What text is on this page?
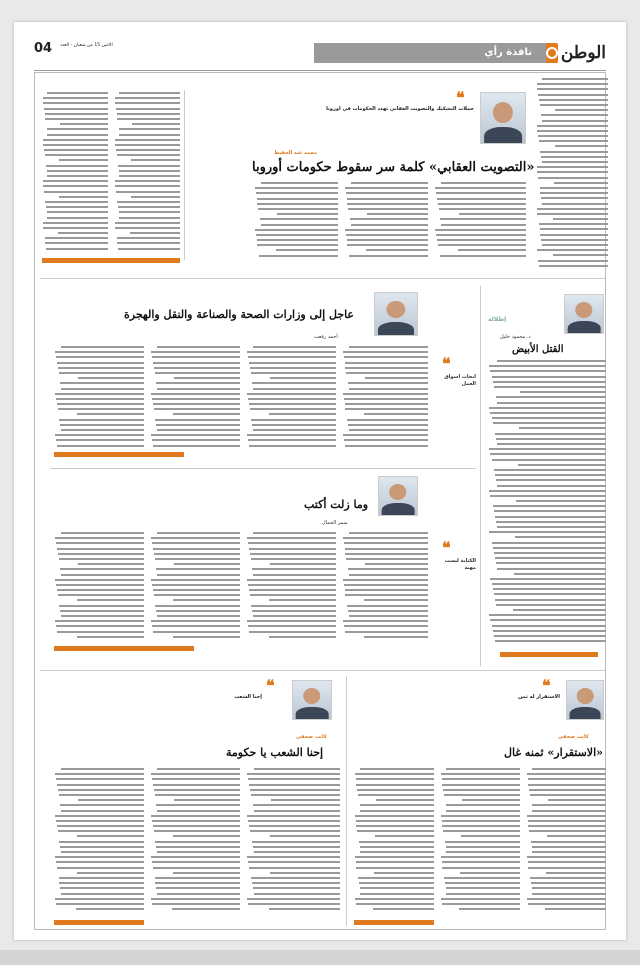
الوطن
نافذة رأي
الاثنين 15 من شعبان - العدد
04
❝
حملات التشكيك والتصويت العقابي تهدد الحكومات في أوروبا
محمد عبد الحفيظ
«التصويت العقابي» كلمة سر سقوط حكومات أوروبا
إطلالة
د. محمود خليل
القتل الأبيض
عاجل إلى وزارات الصحة والصناعة والنقل والهجرة
أحمد رفعت
❝
أبحاث أسواق العمل
وما زلت أكتب
سمر الجمال
❝
الكتابة ليست مهنة
❝
الاستقرار له ثمن
كاتب صحفي
«الاستقرار» ثمنه غال
❝
إحنا الشعب
كاتب صحفي
إحنا الشعب يا حكومة
